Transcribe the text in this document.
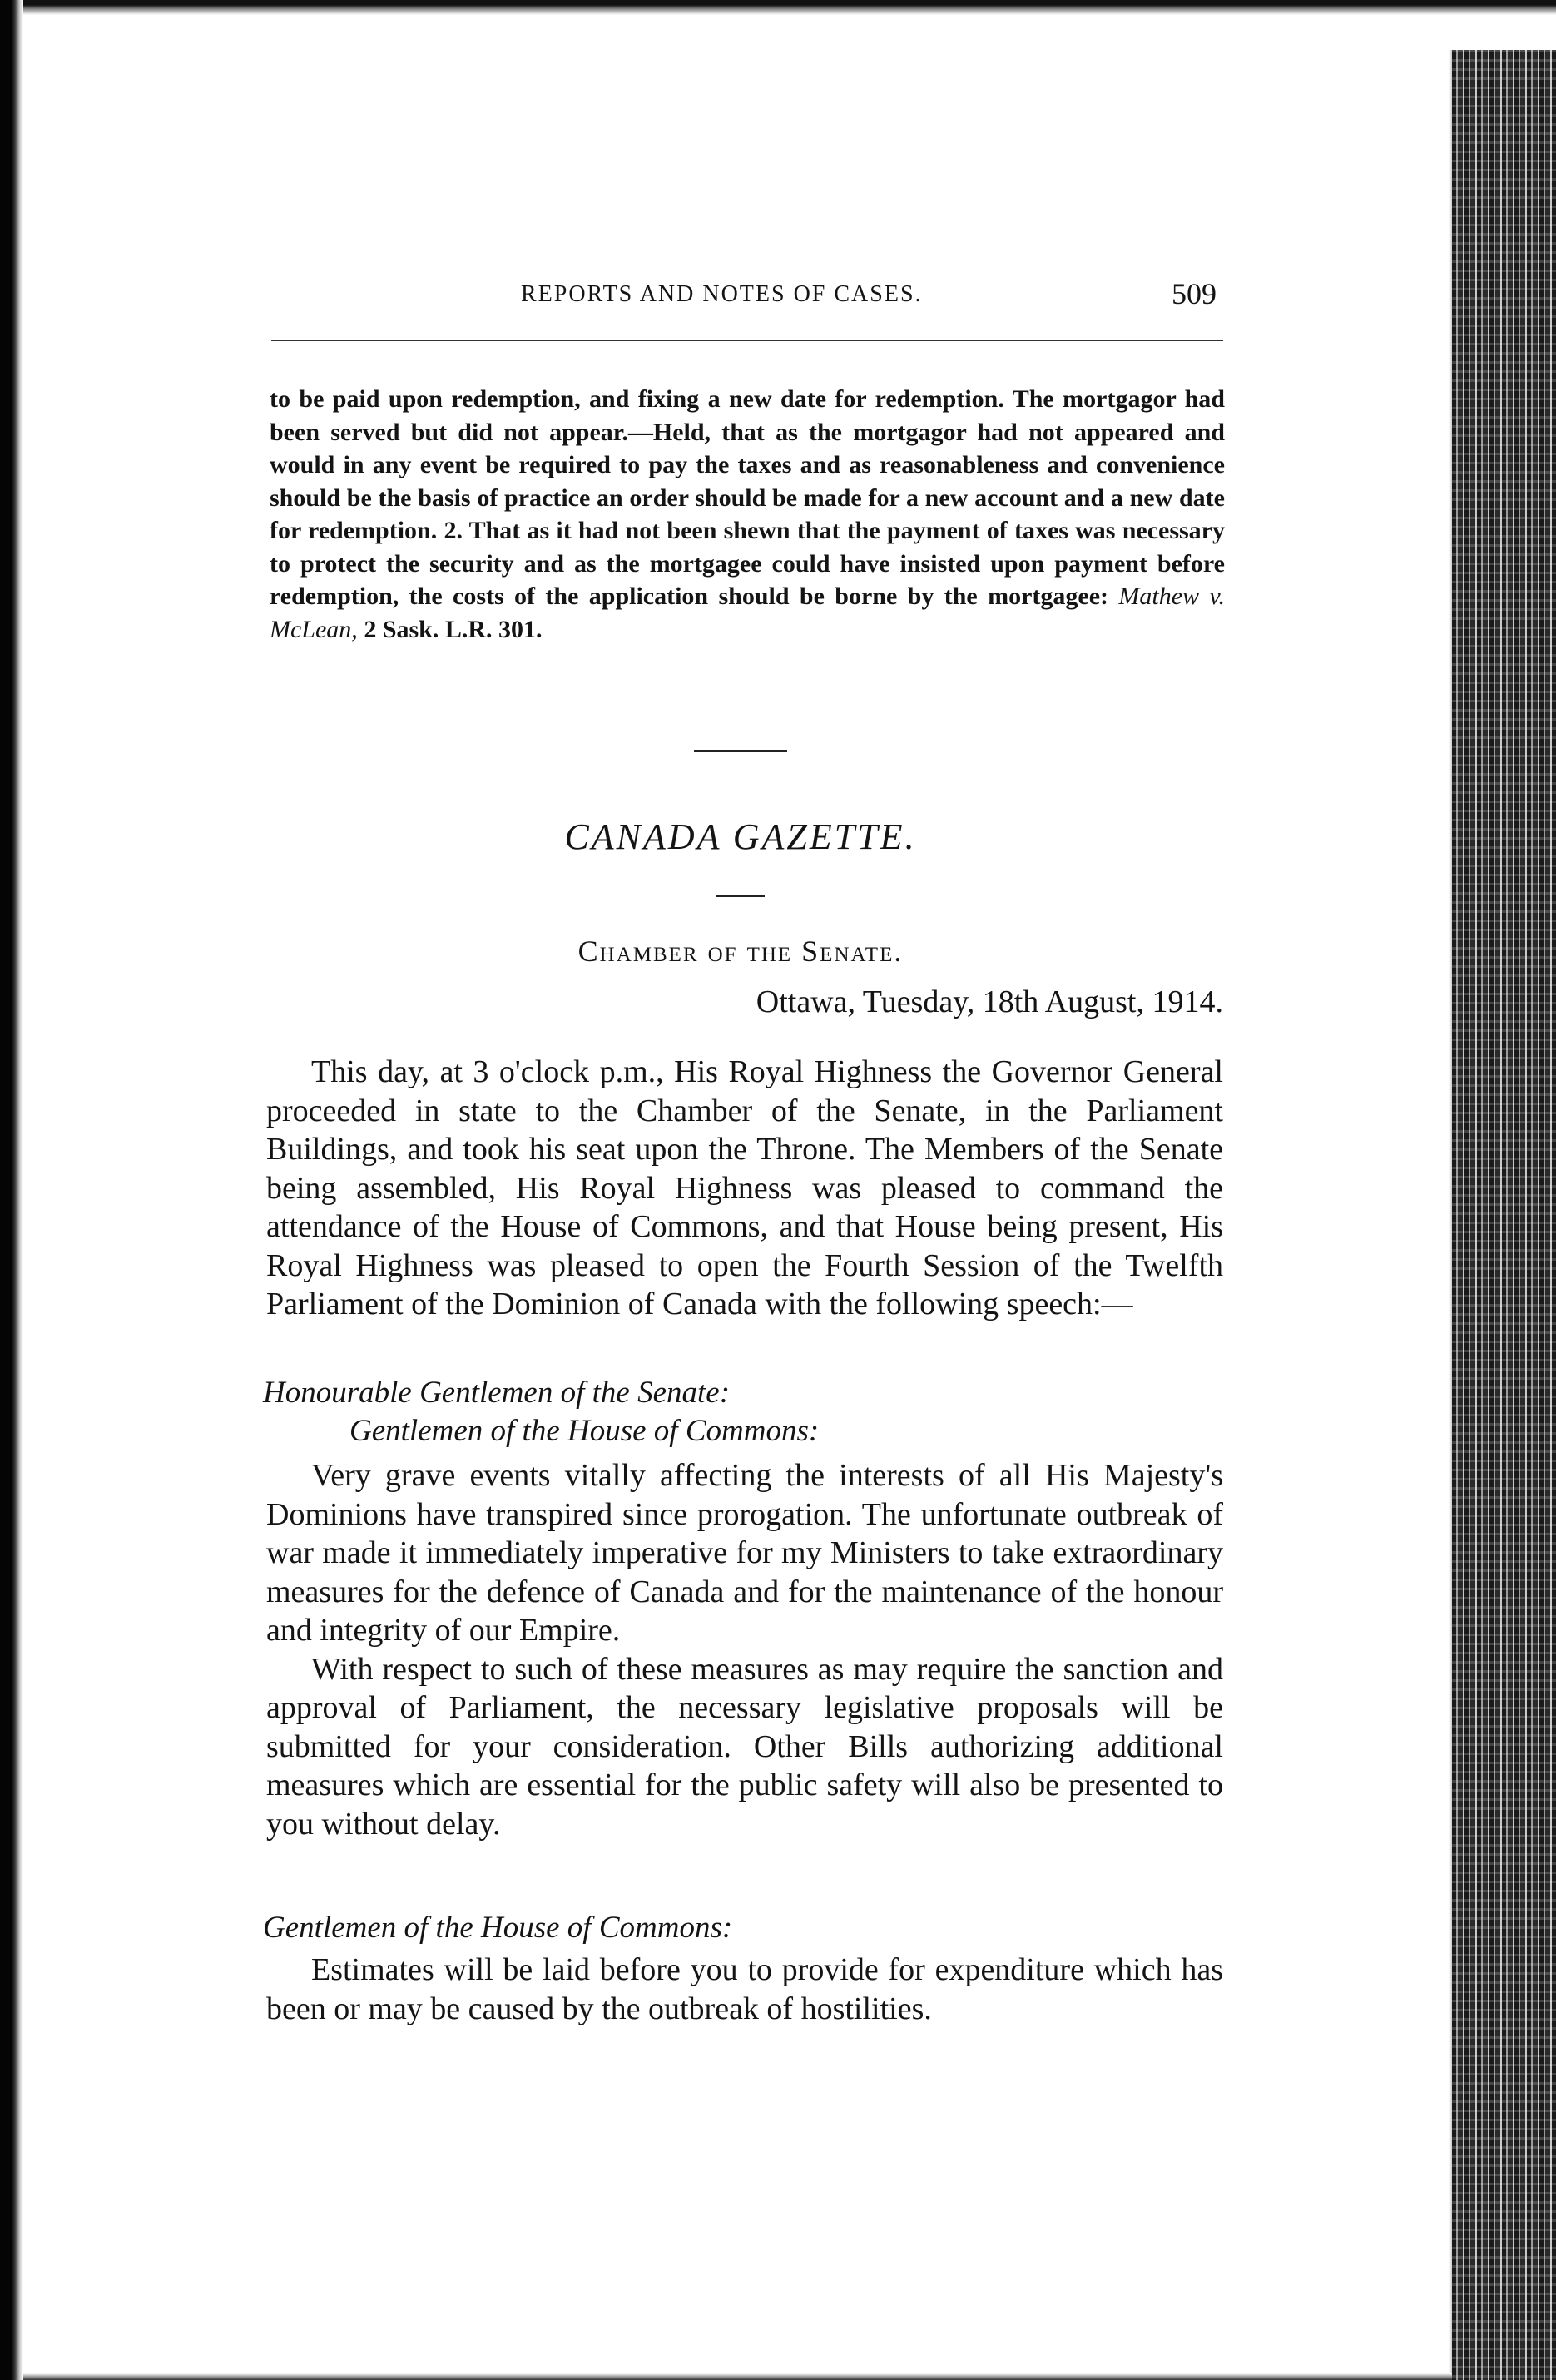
REPORTS AND NOTES OF CASES.	509

to be paid upon redemption, and fixing a new date for redemption. The mortgagor had been served but did not appear.—Held, that as the mortgagor had not appeared and would in any event be required to pay the taxes and as reasonableness and convenience should be the basis of practice an order should be made for a new account and a new date for redemption. 2. That as it had not been shewn that the payment of taxes was necessary to protect the security and as the mortgagee could have insisted upon payment before redemption, the costs of the application should be borne by the mortgagee: Mathew v. McLean, 2 Sask. L.R. 301.

CANADA GAZETTE.
Chamber of the Senate.
Ottawa, Tuesday, 18th August, 1914.

This day, at 3 o'clock p.m., His Royal Highness the Governor General proceeded in state to the Chamber of the Senate, in the Parliament Buildings, and took his seat upon the Throne. The Members of the Senate being assembled, His Royal Highness was pleased to command the attendance of the House of Commons, and that House being present, His Royal Highness was pleased to open the Fourth Session of the Twelfth Parliament of the Dominion of Canada with the following speech:—

Honourable Gentlemen of the Senate:
Gentlemen of the House of Commons:

Very grave events vitally affecting the interests of all His Majesty's Dominions have transpired since prorogation. The unfortunate outbreak of war made it immediately imperative for my Ministers to take extraordinary measures for the defence of Canada and for the maintenance of the honour and integrity of our Empire.

With respect to such of these measures as may require the sanction and approval of Parliament, the necessary legislative proposals will be submitted for your consideration. Other Bills authorizing additional measures which are essential for the public safety will also be presented to you without delay.

Gentlemen of the House of Commons:

Estimates will be laid before you to provide for expenditure which has been or may be caused by the outbreak of hostilities.
